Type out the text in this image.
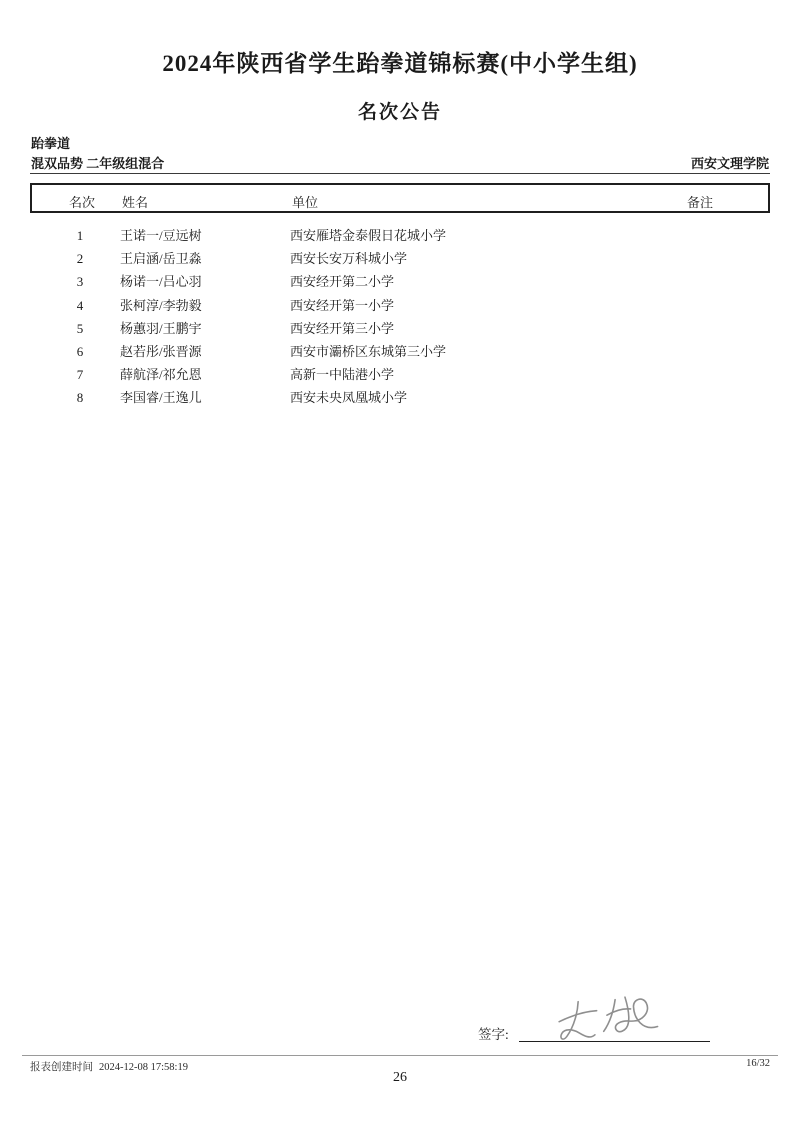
2024年陕西省学生跆拳道锦标赛(中小学生组)
名次公告
跆拳道
混双品势 二年级组混合	西安文理学院
名次	姓名	单位	备注
1	王诺一/豆远树	西安雁塔金泰假日花城小学
2	王启涵/岳卫淼	西安长安万科城小学
3	杨诺一/吕心羽	西安经开第二小学
4	张柯淳/李勃毅	西安经开第一小学
5	杨蕙羽/王鹏宇	西安经开第三小学
6	赵若彤/张晋源	西安市灞桥区东城第三小学
7	薛航泽/祁允恩	高新一中陆港小学
8	李国睿/王逸儿	西安未央凤凰城小学
签字:
报表创建时间 2024-12-08 17:58:19	16/32
26
